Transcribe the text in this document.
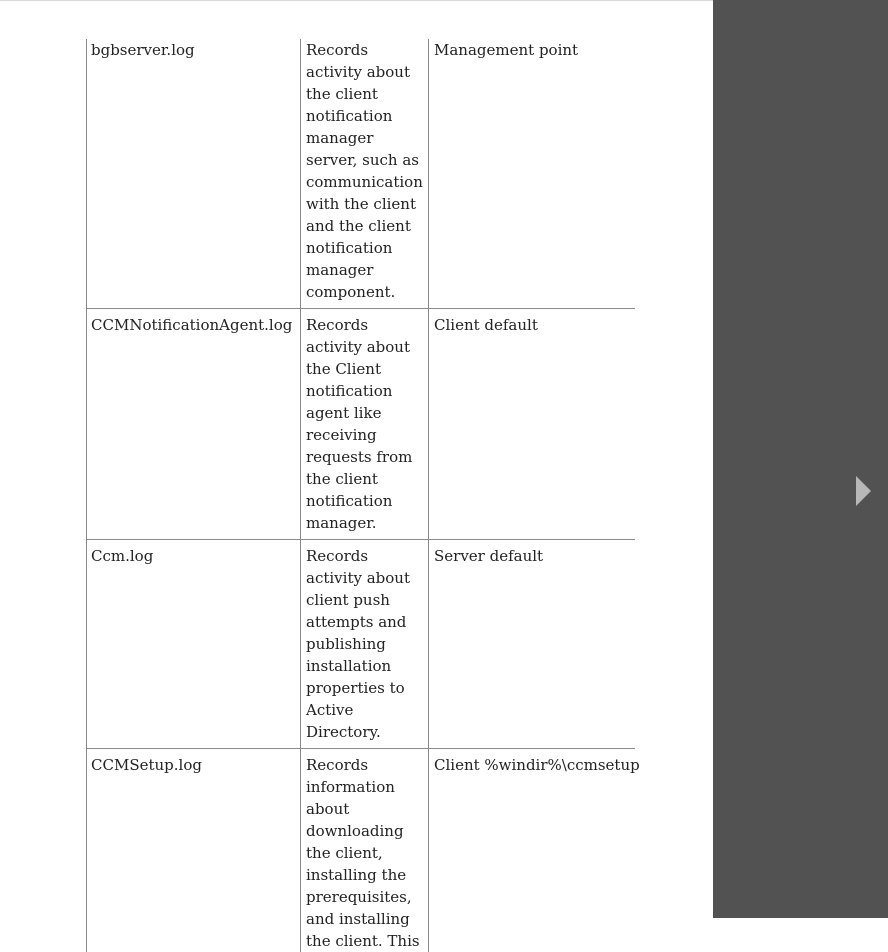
bgbserver.log	Records activity about the client notification manager server, such as communication with the client and the client notification manager component.	Management point
CCMNotificationAgent.log	Records activity about the Client notification agent like receiving requests from the client notification manager.	Client default
Ccm.log	Records activity about client push attempts and publishing installation properties to Active Directory.	Server default
CCMSetup.log	Records information about downloading the client, installing the prerequisites, and installing the client. This	Client %windir%\ccmsetup
